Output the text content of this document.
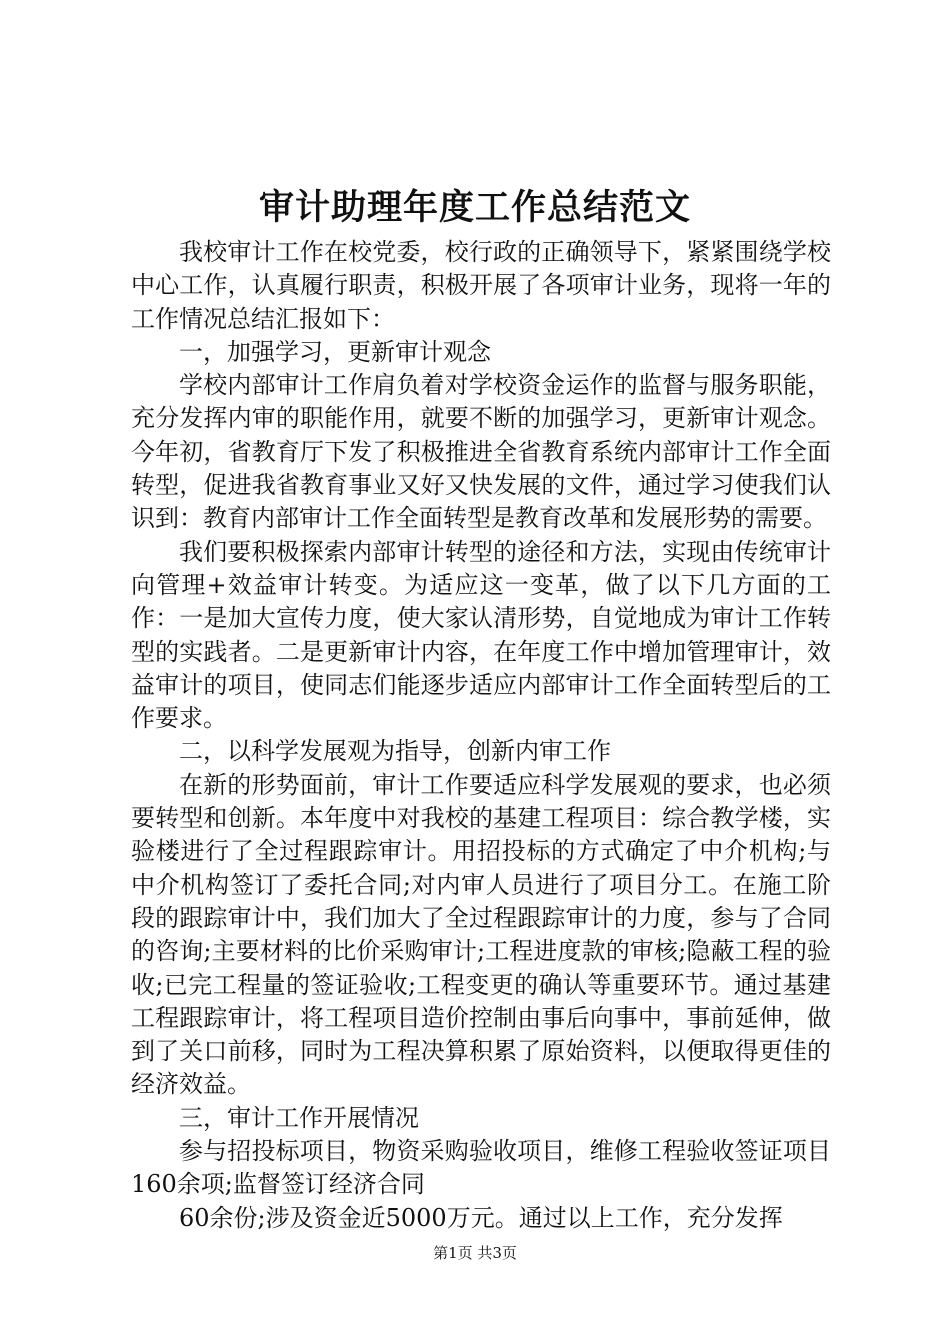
审计助理年度工作总结范文

我校审计工作在校党委，校行政的正确领导下，紧紧围绕学校中心工作，认真履行职责，积极开展了各项审计业务，现将一年的工作情况总结汇报如下：

一，加强学习，更新审计观念

学校内部审计工作肩负着对学校资金运作的监督与服务职能，充分发挥内审的职能作用，就要不断的加强学习，更新审计观念。今年初，省教育厅下发了积极推进全省教育系统内部审计工作全面转型，促进我省教育事业又好又快发展的文件，通过学习使我们认识到：教育内部审计工作全面转型是教育改革和发展形势的需要。

我们要积极探索内部审计转型的途径和方法，实现由传统审计向管理+效益审计转变。为适应这一变革，做了以下几方面的工作：一是加大宣传力度，使大家认清形势，自觉地成为审计工作转型的实践者。二是更新审计内容，在年度工作中增加管理审计，效益审计的项目，使同志们能逐步适应内部审计工作全面转型后的工作要求。

二，以科学发展观为指导，创新内审工作

在新的形势面前，审计工作要适应科学发展观的要求，也必须要转型和创新。本年度中对我校的基建工程项目：综合教学楼，实验楼进行了全过程跟踪审计。用招投标的方式确定了中介机构;与中介机构签订了委托合同;对内审人员进行了项目分工。在施工阶段的跟踪审计中，我们加大了全过程跟踪审计的力度，参与了合同的咨询;主要材料的比价采购审计;工程进度款的审核;隐蔽工程的验收;已完工程量的签证验收;工程变更的确认等重要环节。通过基建工程跟踪审计，将工程项目造价控制由事后向事中，事前延伸，做到了关口前移，同时为工程决算积累了原始资料，以便取得更佳的经济效益。

三，审计工作开展情况

参与招投标项目，物资采购验收项目，维修工程验收签证项目160余项;监督签订经济合同

60余份;涉及资金近5000万元。通过以上工作，充分发挥

第1页 共3页
